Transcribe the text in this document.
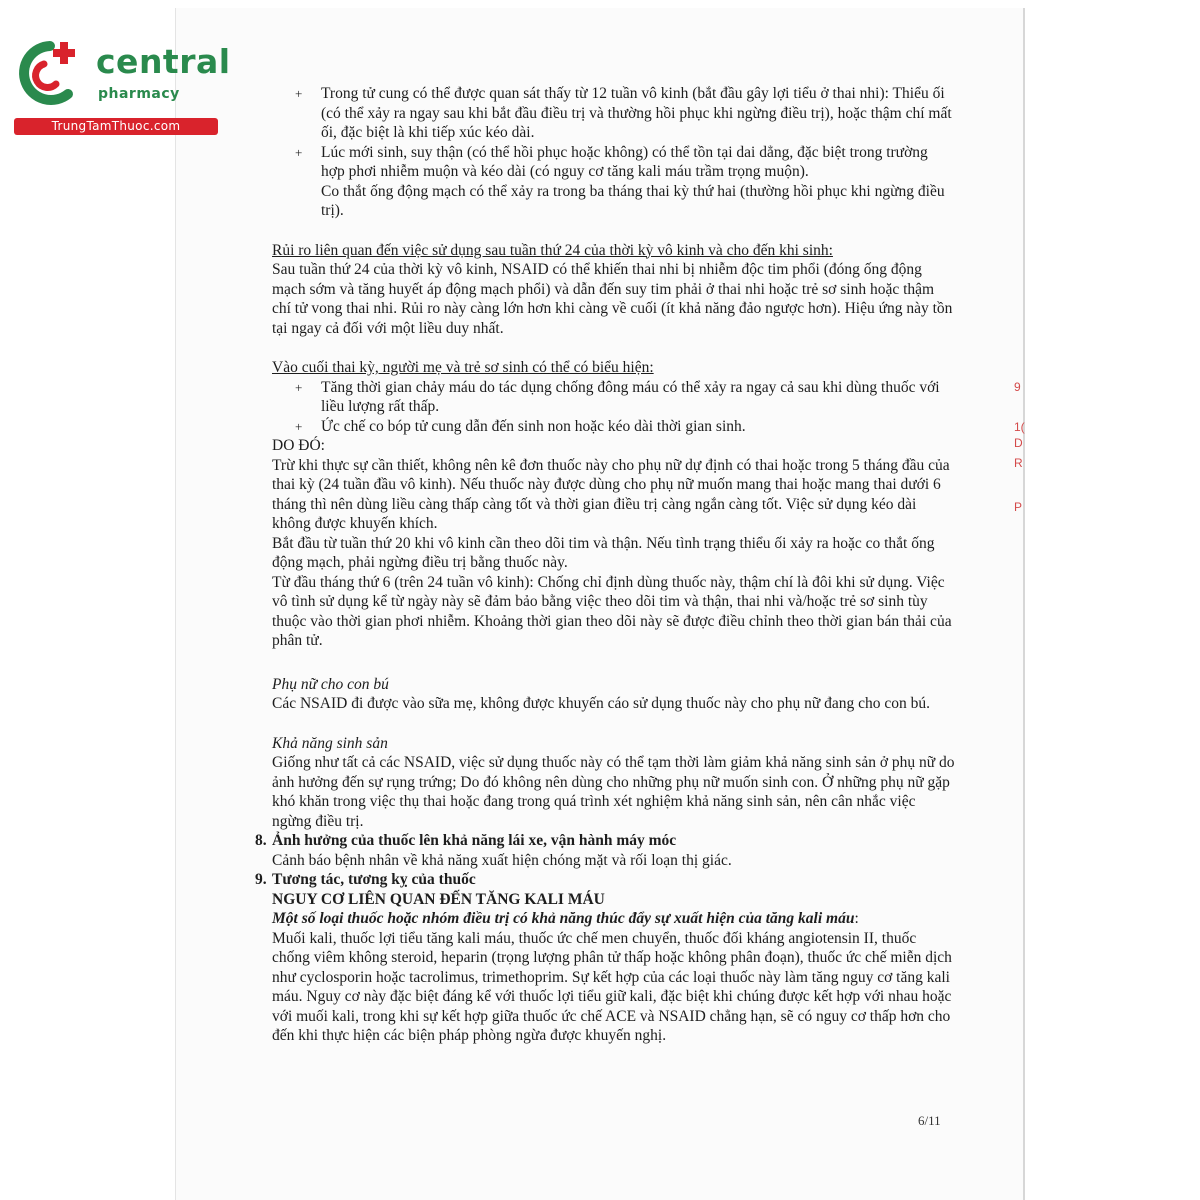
central
pharmacy
TrungTamThuoc.com
+ Trong tử cung có thể được quan sát thấy từ 12 tuần vô kinh (bắt đầu gây lợi tiểu ở thai nhi): Thiểu ối (có thể xảy ra ngay sau khi bắt đầu điều trị và thường hồi phục khi ngừng điều trị), hoặc thậm chí mất ối, đặc biệt là khi tiếp xúc kéo dài.
+ Lúc mới sinh, suy thận (có thể hồi phục hoặc không) có thể tồn tại dai dẳng, đặc biệt trong trường hợp phơi nhiễm muộn và kéo dài (có nguy cơ tăng kali máu trầm trọng muộn).
Co thắt ống động mạch có thể xảy ra trong ba tháng thai kỳ thứ hai (thường hồi phục khi ngừng điều trị).
Rủi ro liên quan đến việc sử dụng sau tuần thứ 24 của thời kỳ vô kinh và cho đến khi sinh:
Sau tuần thứ 24 của thời kỳ vô kinh, NSAID có thể khiến thai nhi bị nhiễm độc tim phổi (đóng ống động mạch sớm và tăng huyết áp động mạch phổi) và dẫn đến suy tim phải ở thai nhi hoặc trẻ sơ sinh hoặc thậm chí tử vong thai nhi. Rủi ro này càng lớn hơn khi càng về cuối (ít khả năng đảo ngược hơn). Hiệu ứng này tồn tại ngay cả đối với một liều duy nhất.
Vào cuối thai kỳ, người mẹ và trẻ sơ sinh có thể có biểu hiện:
+ Tăng thời gian chảy máu do tác dụng chống đông máu có thể xảy ra ngay cả sau khi dùng thuốc với liều lượng rất thấp.
+ Ức chế co bóp tử cung dẫn đến sinh non hoặc kéo dài thời gian sinh.
DO ĐÓ:
Trừ khi thực sự cần thiết, không nên kê đơn thuốc này cho phụ nữ dự định có thai hoặc trong 5 tháng đầu của thai kỳ (24 tuần đầu vô kinh). Nếu thuốc này được dùng cho phụ nữ muốn mang thai hoặc mang thai dưới 6 tháng thì nên dùng liều càng thấp càng tốt và thời gian điều trị càng ngắn càng tốt. Việc sử dụng kéo dài không được khuyến khích.
Bắt đầu từ tuần thứ 20 khi vô kinh cần theo dõi tim và thận. Nếu tình trạng thiểu ối xảy ra hoặc co thắt ống động mạch, phải ngừng điều trị bằng thuốc này.
Từ đầu tháng thứ 6 (trên 24 tuần vô kinh): Chống chỉ định dùng thuốc này, thậm chí là đôi khi sử dụng. Việc vô tình sử dụng kể từ ngày này sẽ đảm bảo bằng việc theo dõi tim và thận, thai nhi và/hoặc trẻ sơ sinh tùy thuộc vào thời gian phơi nhiễm. Khoảng thời gian theo dõi này sẽ được điều chỉnh theo thời gian bán thải của phân tử.
Phụ nữ cho con bú
Các NSAID đi được vào sữa mẹ, không được khuyến cáo sử dụng thuốc này cho phụ nữ đang cho con bú.
Khả năng sinh sản
Giống như tất cả các NSAID, việc sử dụng thuốc này có thể tạm thời làm giảm khả năng sinh sản ở phụ nữ do ảnh hưởng đến sự rụng trứng; Do đó không nên dùng cho những phụ nữ muốn sinh con. Ở những phụ nữ gặp khó khăn trong việc thụ thai hoặc đang trong quá trình xét nghiệm khả năng sinh sản, nên cân nhắc việc ngừng điều trị.
8. Ảnh hưởng của thuốc lên khả năng lái xe, vận hành máy móc
Cảnh báo bệnh nhân về khả năng xuất hiện chóng mặt và rối loạn thị giác.
9. Tương tác, tương kỵ của thuốc
NGUY CƠ LIÊN QUAN ĐẾN TĂNG KALI MÁU
Một số loại thuốc hoặc nhóm điều trị có khả năng thúc đẩy sự xuất hiện của tăng kali máu:
Muối kali, thuốc lợi tiểu tăng kali máu, thuốc ức chế men chuyển, thuốc đối kháng angiotensin II, thuốc chống viêm không steroid, heparin (trọng lượng phân tử thấp hoặc không phân đoạn), thuốc ức chế miễn dịch như cyclosporin hoặc tacrolimus, trimethoprim. Sự kết hợp của các loại thuốc này làm tăng nguy cơ tăng kali máu. Nguy cơ này đặc biệt đáng kể với thuốc lợi tiểu giữ kali, đặc biệt khi chúng được kết hợp với nhau hoặc với muối kali, trong khi sự kết hợp giữa thuốc ức chế ACE và NSAID chẳng hạn, sẽ có nguy cơ thấp hơn cho đến khi thực hiện các biện pháp phòng ngừa được khuyến nghị.
6/11
9
1(
D
R
P
